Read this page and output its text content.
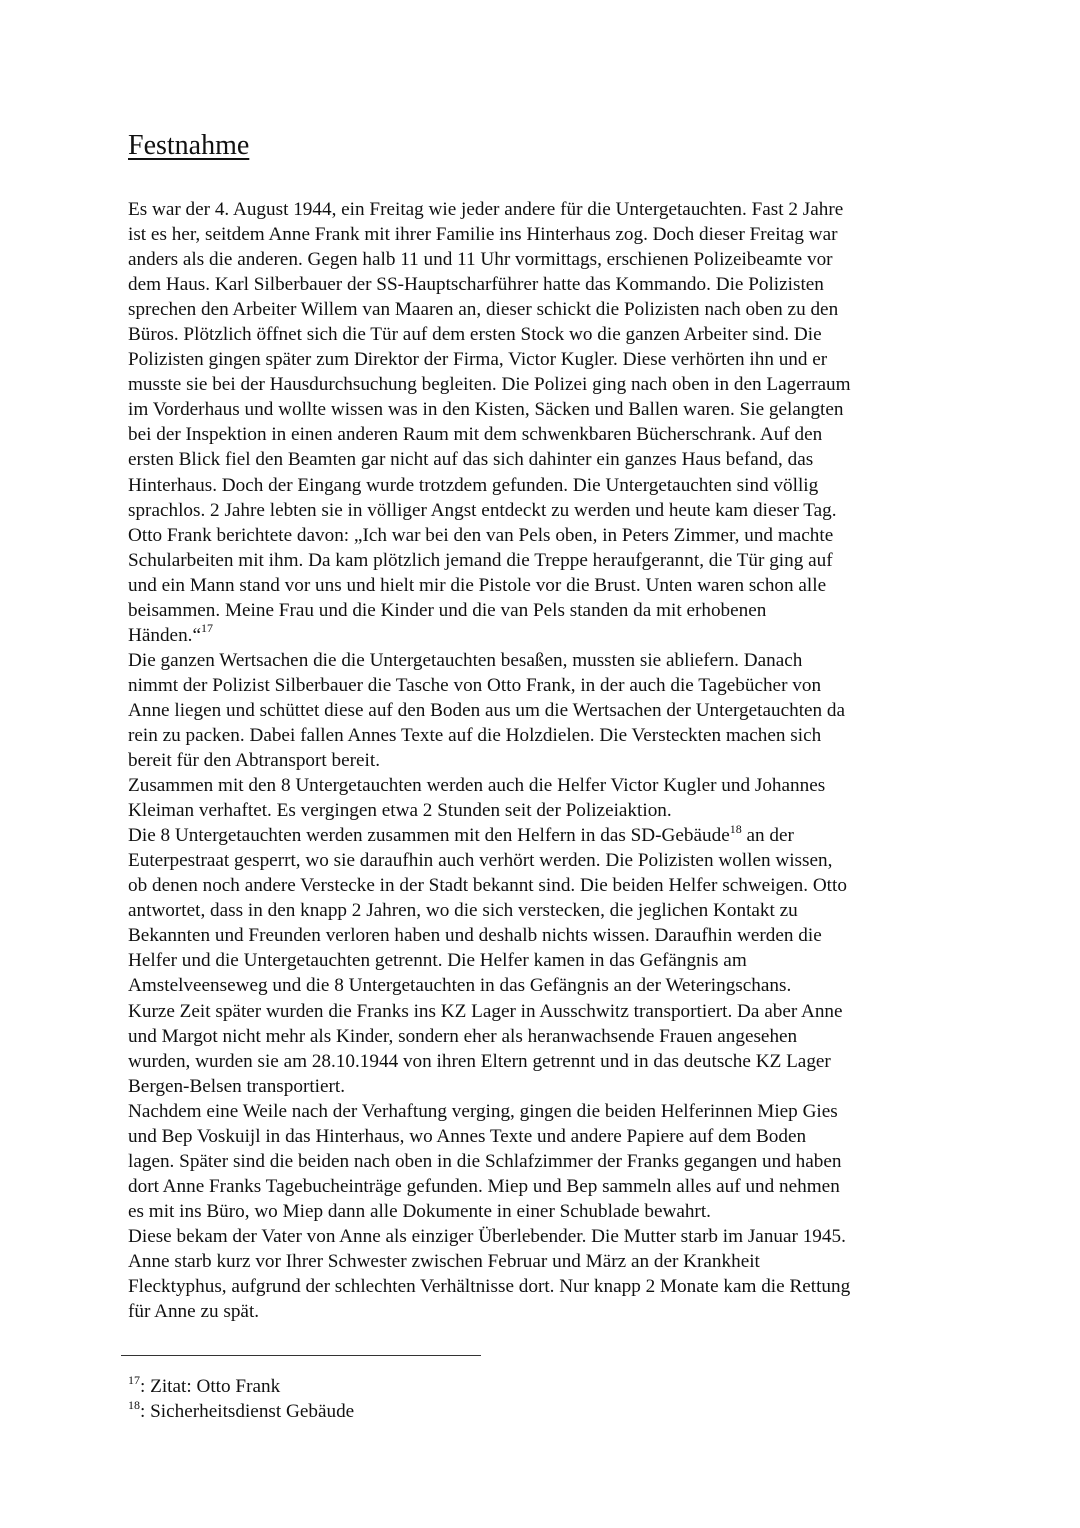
Festnahme

Es war der 4. August 1944, ein Freitag wie jeder andere für die Untergetauchten. Fast 2 Jahre
ist es her, seitdem Anne Frank mit ihrer Familie ins Hinterhaus zog. Doch dieser Freitag war
anders als die anderen. Gegen halb 11 und 11 Uhr vormittags, erschienen Polizeibeamte vor
dem Haus. Karl Silberbauer der SS-Hauptscharführer hatte das Kommando. Die Polizisten
sprechen den Arbeiter Willem van Maaren an, dieser schickt die Polizisten nach oben zu den
Büros. Plötzlich öffnet sich die Tür auf dem ersten Stock wo die ganzen Arbeiter sind. Die
Polizisten gingen später zum Direktor der Firma, Victor Kugler. Diese verhörten ihn und er
musste sie bei der Hausdurchsuchung begleiten. Die Polizei ging nach oben in den Lagerraum
im Vorderhaus und wollte wissen was in den Kisten, Säcken und Ballen waren. Sie gelangten
bei der Inspektion in einen anderen Raum mit dem schwenkbaren Bücherschrank. Auf den
ersten Blick fiel den Beamten gar nicht auf das sich dahinter ein ganzes Haus befand, das
Hinterhaus. Doch der Eingang wurde trotzdem gefunden. Die Untergetauchten sind völlig
sprachlos. 2 Jahre lebten sie in völliger Angst entdeckt zu werden und heute kam dieser Tag.
Otto Frank berichtete davon: „Ich war bei den van Pels oben, in Peters Zimmer, und machte
Schularbeiten mit ihm. Da kam plötzlich jemand die Treppe heraufgerannt, die Tür ging auf
und ein Mann stand vor uns und hielt mir die Pistole vor die Brust. Unten waren schon alle
beisammen. Meine Frau und die Kinder und die van Pels standen da mit erhobenen
Händen.“$^{17}$

Die ganzen Wertsachen die die Untergetauchten besaßen, mussten sie abliefern. Danach
nimmt der Polizist Silberbauer die Tasche von Otto Frank, in der auch die Tagebücher von
Anne liegen und schüttet diese auf den Boden aus um die Wertsachen der Untergetauchten da
rein zu packen. Dabei fallen Annes Texte auf die Holzdielen. Die Versteckten machen sich
bereit für den Abtransport bereit.

Zusammen mit den 8 Untergetauchten werden auch die Helfer Victor Kugler und Johannes
Kleiman verhaftet. Es vergingen etwa 2 Stunden seit der Polizeiaktion.

Die 8 Untergetauchten werden zusammen mit den Helfern in das SD-Gebäude$^{18}$ an der
Euterpestraat gesperrt, wo sie daraufhin auch verhört werden. Die Polizisten wollen wissen,
ob denen noch andere Verstecke in der Stadt bekannt sind. Die beiden Helfer schweigen. Otto
antwortet, dass in den knapp 2 Jahren, wo die sich verstecken, die jeglichen Kontakt zu
Bekannten und Freunden verloren haben und deshalb nichts wissen. Daraufhin werden die
Helfer und die Untergetauchten getrennt. Die Helfer kamen in das Gefängnis am
Amstelveenseweg und die 8 Untergetauchten in das Gefängnis an der Weteringschans.

Kurze Zeit später wurden die Franks ins KZ Lager in Ausschwitz transportiert. Da aber Anne
und Margot nicht mehr als Kinder, sondern eher als heranwachsende Frauen angesehen
wurden, wurden sie am 28.10.1944 von ihren Eltern getrennt und in das deutsche KZ Lager
Bergen-Belsen transportiert.

Nachdem eine Weile nach der Verhaftung verging, gingen die beiden Helferinnen Miep Gies
und Bep Voskuijl in das Hinterhaus, wo Annes Texte und andere Papiere auf dem Boden
lagen. Später sind die beiden nach oben in die Schlafzimmer der Franks gegangen und haben
dort Anne Franks Tagebucheinträge gefunden. Miep und Bep sammeln alles auf und nehmen
es mit ins Büro, wo Miep dann alle Dokumente in einer Schublade bewahrt.

Diese bekam der Vater von Anne als einziger Überlebender. Die Mutter starb im Januar 1945.
Anne starb kurz vor Ihrer Schwester zwischen Februar und März an der Krankheit
Flecktyphus, aufgrund der schlechten Verhältnisse dort. Nur knapp 2 Monate kam die Rettung
für Anne zu spät.

$^{17}$: Zitat: Otto Frank

$^{18}$: Sicherheitsdienst Gebäude
